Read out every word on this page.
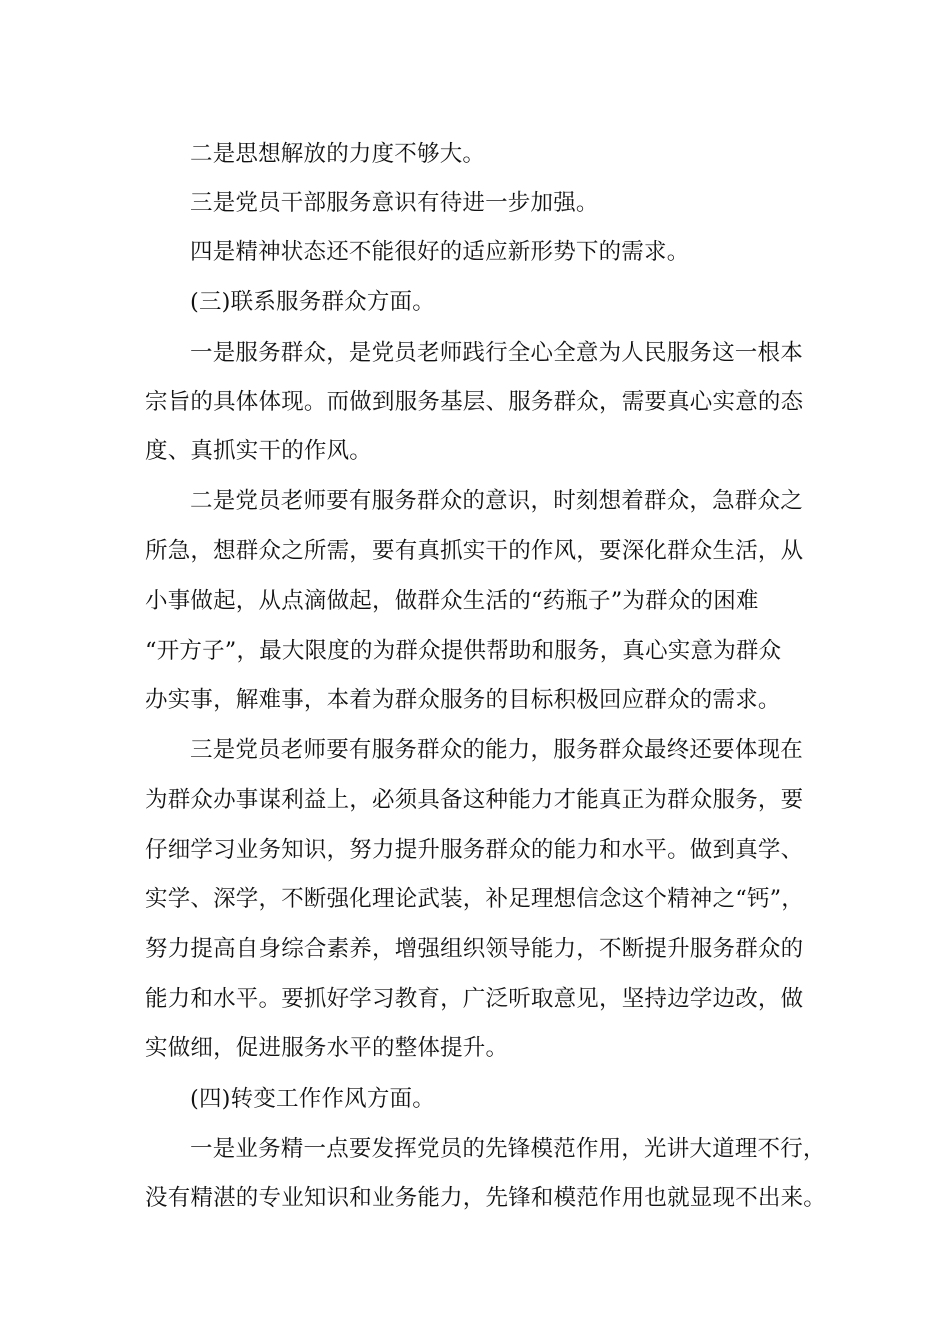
二是思想解放的力度不够大。
三是党员干部服务意识有待进一步加强。
四是精神状态还不能很好的适应新形势下的需求。
(三)联系服务群众方面。
一是服务群众，是党员老师践行全心全意为人民服务这一根本
宗旨的具体体现。而做到服务基层、服务群众，需要真心实意的态
度、真抓实干的作风。
二是党员老师要有服务群众的意识，时刻想着群众，急群众之
所急，想群众之所需，要有真抓实干的作风，要深化群众生活，从
小事做起，从点滴做起，做群众生活的“药瓶子”为群众的困难
“开方子”，最大限度的为群众提供帮助和服务，真心实意为群众
办实事，解难事，本着为群众服务的目标积极回应群众的需求。
三是党员老师要有服务群众的能力，服务群众最终还要体现在
为群众办事谋利益上，必须具备这种能力才能真正为群众服务，要
仔细学习业务知识，努力提升服务群众的能力和水平。做到真学、
实学、深学，不断强化理论武装，补足理想信念这个精神之“钙”，
努力提高自身综合素养，增强组织领导能力，不断提升服务群众的
能力和水平。要抓好学习教育，广泛听取意见，坚持边学边改，做
实做细，促进服务水平的整体提升。
(四)转变工作作风方面。
一是业务精一点要发挥党员的先锋模范作用，光讲大道理不行，
没有精湛的专业知识和业务能力，先锋和模范作用也就显现不出来。
